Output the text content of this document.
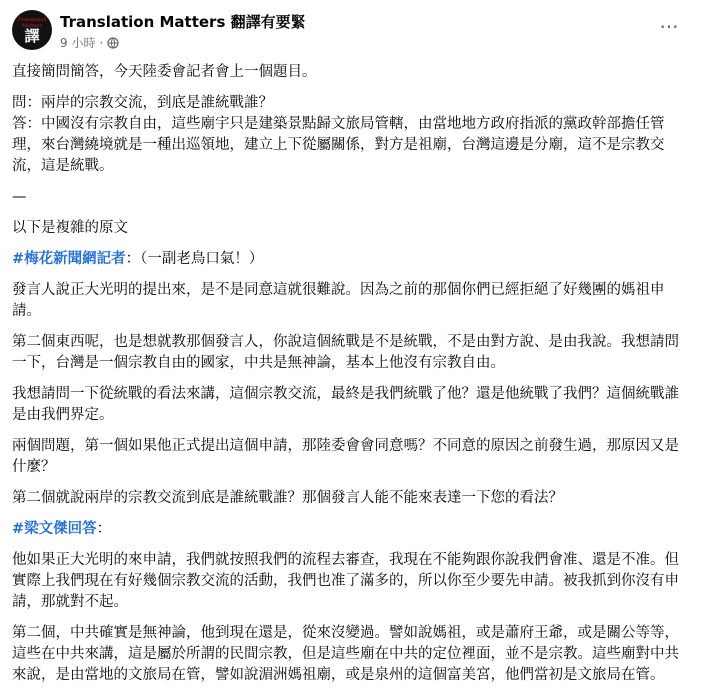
Translation Matters
譯
Translation Matters 翻譯有要緊
9 小時 ·
···

直接簡問簡答，今天陸委會記者會上一個題目。

問：兩岸的宗教交流，到底是誰統戰誰？

答：中國沒有宗教自由，這些廟宇只是建築景點歸文旅局管轄，由當地地方政府指派的黨政幹部擔任管理，來台灣繞境就是一種出巡領地，建立上下從屬關係，對方是祖廟，台灣這邊是分廟，這不是宗教交流，這是統戰。

—

以下是複雜的原文

#梅花新聞網記者：（一副老鳥口氣！）

發言人說正大光明的提出來，是不是同意這就很難說。因為之前的那個你們已經拒絕了好幾團的媽祖申請。

第二個東西呢，也是想就教那個發言人，你說這個統戰是不是統戰，不是由對方說、是由我說。我想請問一下，台灣是一個宗教自由的國家，中共是無神論，基本上他沒有宗教自由。

我想請問一下從統戰的看法來講，這個宗教交流，最終是我們統戰了他？還是他統戰了我們？這個統戰誰是由我們界定。

兩個問題，第一個如果他正式提出這個申請，那陸委會會同意嗎？不同意的原因之前發生過，那原因又是什麼？

第二個就說兩岸的宗教交流到底是誰統戰誰？那個發言人能不能來表達一下您的看法？

#梁文傑回答：

他如果正大光明的來申請，我們就按照我們的流程去審查，我現在不能夠跟你說我們會准、還是不准。但實際上我們現在有好幾個宗教交流的活動，我們也准了滿多的，所以你至少要先申請。被我抓到你沒有申請，那就對不起。

第二個，中共確實是無神論，他到現在還是，從來沒變過。譬如說媽祖，或是蕭府王爺，或是關公等等，這些在中共來講，這是屬於所謂的民間宗教，但是這些廟在中共的定位裡面，並不是宗教。這些廟對中共來說，是由當地的文旅局在管，譬如說湄洲媽祖廟，或是泉州的這個富美宮，他們當初是文旅局在管。
